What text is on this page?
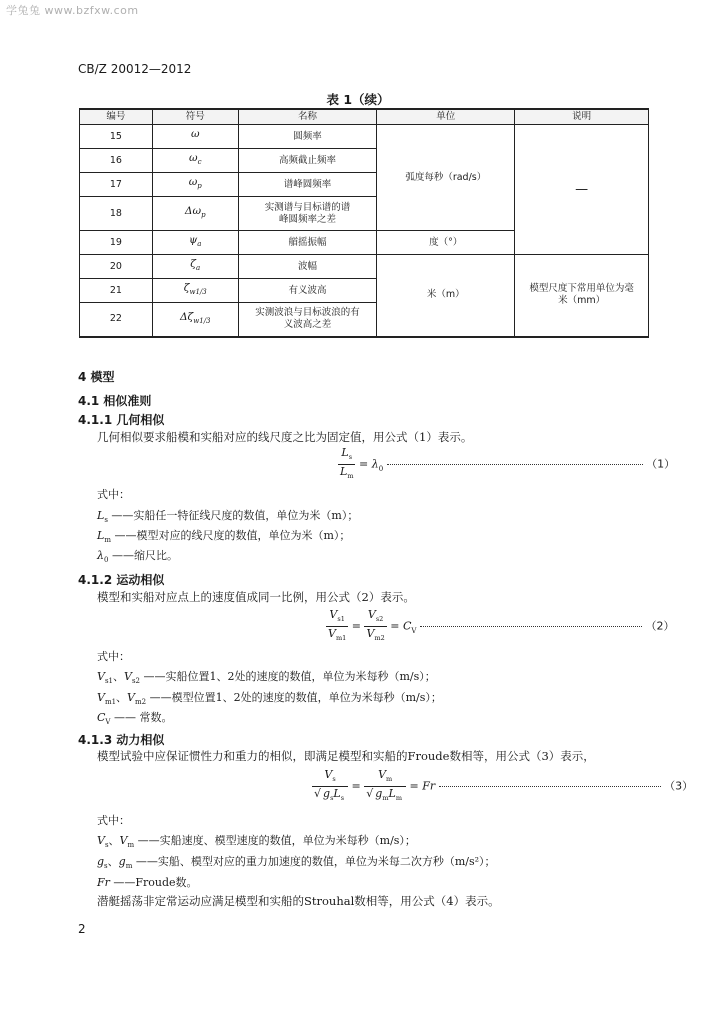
学兔兔 www.bzfxw.com
CB/Z 20012—2012
表 1（续）
编号	符号	名称	单位	说明
15	ω	圆频率	弧度每秒（rad/s）	—
16	$\omega_c$	高频截止频率		
17	$\omega_p$	谱峰圆频率		
18	$\Delta\omega_p$	实测谱与目标谱的谱峰圆频率之差		
19	$\psi_a$	艏摇振幅	度（°）	
20	$\zeta_a$	波幅	米（m）	模型尺度下常用单位为毫米（mm）
21	$\zeta_{w1/3}$	有义波高		
22	$\Delta\zeta_{w1/3}$	实测波浪与目标波浪的有义波高之差		
4 模型
4.1 相似准则
4.1.1 几何相似
几何相似要求船模和实船对应的线尺度之比为固定值，用公式（1）表示。
$\frac{L_s}{L_m} = \lambda_0$	（1）
式中：
$L_s$ ——实船任一特征线尺度的数值，单位为米（m）；
$L_m$ ——模型对应的线尺度的数值，单位为米（m）；
$\lambda_0$ ——缩尺比。
4.1.2 运动相似
模型和实船对应点上的速度值成同一比例，用公式（2）表示。
$\frac{V_{s1}}{V_{m1}} = \frac{V_{s2}}{V_{m2}} = C_V$	（2）
式中：
$V_{s1}$、$V_{s2}$ ——实船位置1、2处的速度的数值，单位为米每秒（m/s）；
$V_{m1}$、$V_{m2}$ ——模型位置1、2处的速度的数值，单位为米每秒（m/s）；
$C_V$ —— 常数。
4.1.3 动力相似
模型试验中应保证惯性力和重力的相似，即满足模型和实船的Froude数相等，用公式（3）表示，
$\frac{V_s}{√ g_sL_s} = \frac{V_m}{√ g_mL_m} = Fr$	（3）
式中：
$V_s$、$V_m$ ——实船速度、模型速度的数值，单位为米每秒（m/s）；
$g_s$、$g_m$ ——实船、模型对应的重力加速度的数值，单位为米每二次方秒（m/s²）；
Fr ——Froude数。
潜艇摇荡非定常运动应满足模型和实船的Strouhal数相等，用公式（4）表示。
2
